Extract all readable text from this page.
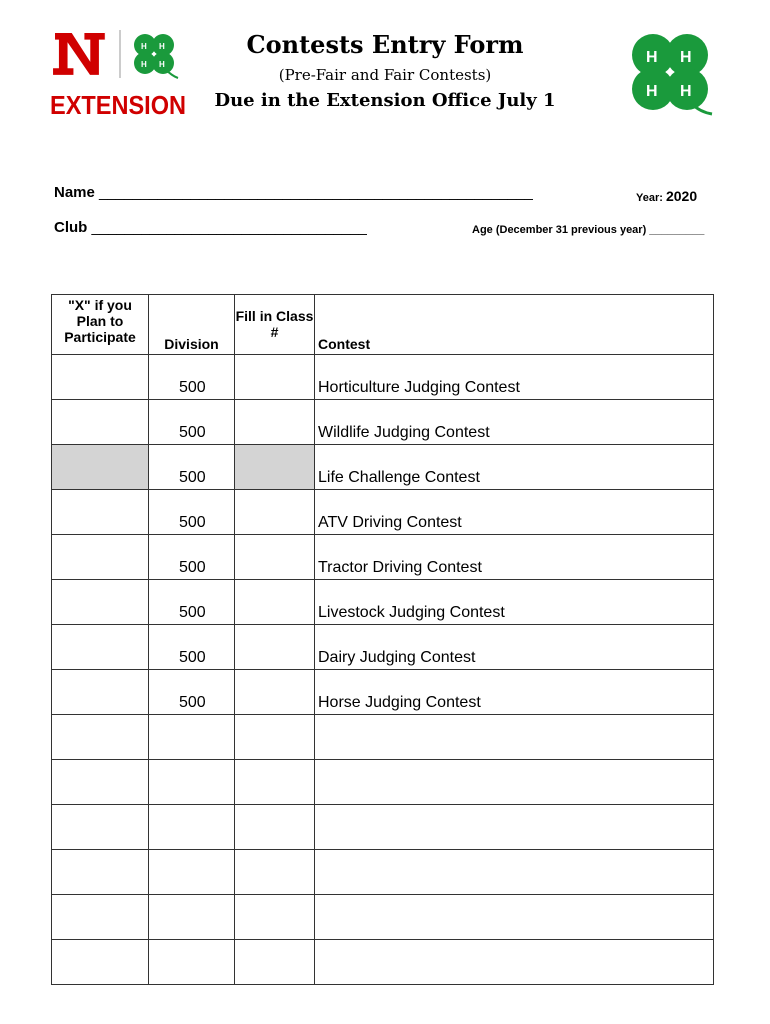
H H
H H
EXTENSION
H H
H H
Contests Entry Form
(Pre-Fair and Fair Contests)
Due in the Extension Office July 1
Name ____________________________________________________
Club _________________________________
Year: 2020
Age (December 31 previous year) _________
"X" if you Plan to Participate	Division	Fill in Class #	Contest
	500		Horticulture Judging Contest
	500		Wildlife Judging Contest
	500		Life Challenge Contest
	500		ATV Driving Contest
	500		Tractor Driving Contest
	500		Livestock Judging Contest
	500		Dairy Judging Contest
	500		Horse Judging Contest
